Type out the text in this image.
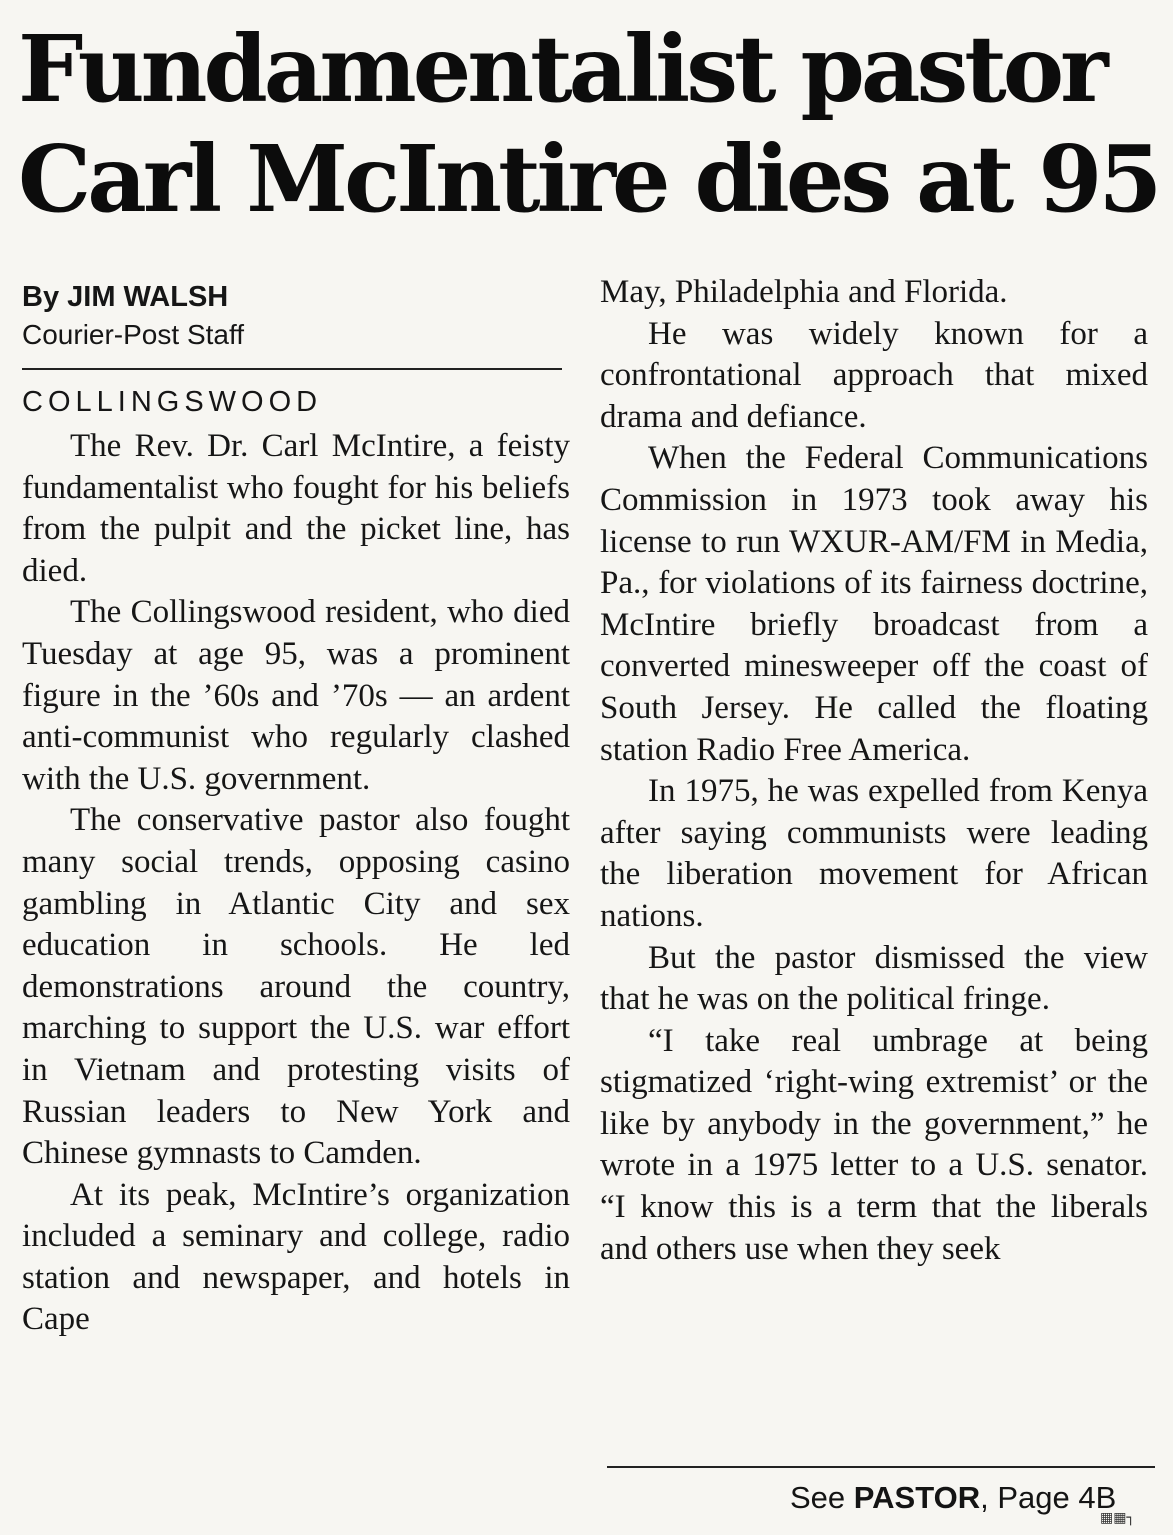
Fundamentalist pastor
Carl McIntire dies at 95

By JIM WALSH

Courier-Post Staff

COLLINGSWOOD

The Rev. Dr. Carl McIntire, a feisty fundamentalist who fought for his beliefs from the pulpit and the picket line, has died.

The Collingswood resident, who died Tuesday at age 95, was a prominent figure in the ’60s and ’70s — an ardent anti-communist who regularly clashed with the U.S. government.

The conservative pastor also fought many social trends, opposing casino gambling in Atlantic City and sex education in schools. He led demonstrations around the country, marching to support the U.S. war effort in Vietnam and protesting visits of Russian leaders to New York and Chinese gymnasts to Camden.

At its peak, McIntire’s organization included a seminary and college, radio station and newspaper, and hotels in Cape

May, Philadelphia and Florida.

He was widely known for a confrontational approach that mixed drama and defiance.

When the Federal Communications Commission in 1973 took away his license to run WXUR-AM/FM in Media, Pa., for violations of its fairness doctrine, McIntire briefly broadcast from a converted minesweeper off the coast of South Jersey. He called the floating station Radio Free America.

In 1975, he was expelled from Kenya after saying communists were leading the liberation movement for African nations.

But the pastor dismissed the view that he was on the political fringe.

“I take real umbrage at being stigmatized ‘right-wing extremist’ or the like by anybody in the government,” he wrote in a 1975 letter to a U.S. senator. “I know this is a term that the liberals and others use when they seek

See PASTOR, Page 4B
▦▦┐
